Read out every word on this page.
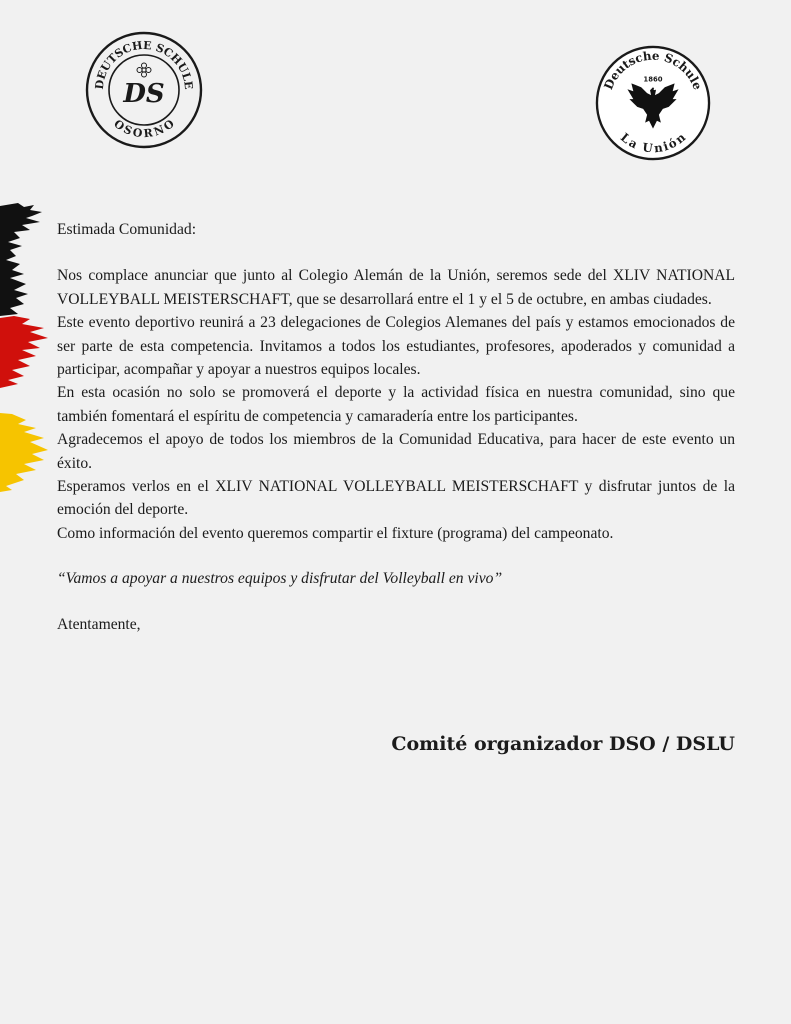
DEUTSCHE SCHULE
OSORNO
DS	Deutsche Schule
La Unión
1860

Estimada Comunidad:

Nos complace anunciar que junto al Colegio Alemán de la Unión, seremos sede del XLIV NATIONAL VOLLEYBALL MEISTERSCHAFT, que se desarrollará entre el 1 y el 5 de octubre, en ambas ciudades.

Este evento deportivo reunirá a 23 delegaciones de Colegios Alemanes del país y estamos emocionados de ser parte de esta competencia. Invitamos a todos los estudiantes, profesores, apoderados y comunidad a participar, acompañar y apoyar a nuestros equipos locales.

En esta ocasión no solo se promoverá el deporte y la actividad física en nuestra comunidad, sino que también fomentará el espíritu de competencia y camaradería entre los participantes.

Agradecemos el apoyo de todos los miembros de la Comunidad Educativa, para hacer de este evento un éxito.

Esperamos verlos en el XLIV NATIONAL VOLLEYBALL MEISTERSCHAFT y disfrutar juntos de la emoción del deporte.

Como información del evento queremos compartir el fixture (programa) del campeonato.

“Vamos a apoyar a nuestros equipos y disfrutar del Volleyball en vivo”

Atentamente,

Comité organizador DSO / DSLU
